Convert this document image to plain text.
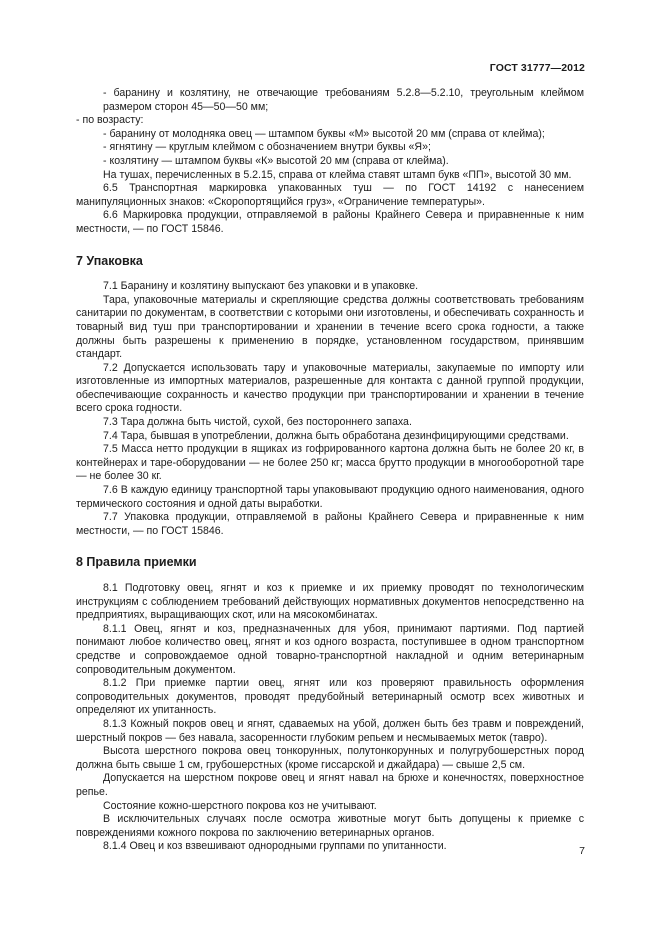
ГОСТ 31777—2012

- баранину и козлятину, не отвечающие требованиям 5.2.8—5.2.10, треугольным клеймом размером сторон 45—50—50 мм;

- по возрасту:

- баранину от молодняка овец — штампом буквы «М» высотой 20 мм (справа от клейма);

- ягнятину — круглым клеймом с обозначением внутри буквы «Я»;

- козлятину — штампом буквы «К» высотой 20 мм (справа от клейма).

На тушах, перечисленных в 5.2.15, справа от клейма ставят штамп букв «ПП», высотой 30 мм.

6.5 Транспортная маркировка упакованных туш — по ГОСТ 14192 с нанесением манипуляционных знаков: «Скоропортящийся груз», «Ограничение температуры».

6.6 Маркировка продукции, отправляемой в районы Крайнего Севера и приравненные к ним местности, — по ГОСТ 15846.

7 Упаковка

7.1 Баранину и козлятину выпускают без упаковки и в упаковке.

Тара, упаковочные материалы и скрепляющие средства должны соответствовать требованиям санитарии по документам, в соответствии с которыми они изготовлены, и обеспечивать сохранность и товарный вид туш при транспортировании и хранении в течение всего срока годности, а также должны быть разрешены к применению в порядке, установленном государством, принявшим стандарт.

7.2 Допускается использовать тару и упаковочные материалы, закупаемые по импорту или изготовленные из импортных материалов, разрешенные для контакта с данной группой продукции, обеспечивающие сохранность и качество продукции при транспортировании и хранении в течение всего срока годности.

7.3 Тара должна быть чистой, сухой, без постороннего запаха.

7.4 Тара, бывшая в употреблении, должна быть обработана дезинфицирующими средствами.

7.5 Масса нетто продукции в ящиках из гофрированного картона должна быть не более 20 кг, в контейнерах и таре-оборудовании — не более 250 кг; масса брутто продукции в многооборотной таре — не более 30 кг.

7.6 В каждую единицу транспортной тары упаковывают продукцию одного наименования, одного термического состояния и одной даты выработки.

7.7 Упаковка продукции, отправляемой в районы Крайнего Севера и приравненные к ним местности, — по ГОСТ 15846.

8 Правила приемки

8.1 Подготовку овец, ягнят и коз к приемке и их приемку проводят по технологическим инструкциям с соблюдением требований действующих нормативных документов непосредственно на предприятиях, выращивающих скот, или на мясокомбинатах.

8.1.1 Овец, ягнят и коз, предназначенных для убоя, принимают партиями. Под партией понимают любое количество овец, ягнят и коз одного возраста, поступившее в одном транспортном средстве и сопровождаемое одной товарно-транспортной накладной и одним ветеринарным сопроводительным документом.

8.1.2 При приемке партии овец, ягнят или коз проверяют правильность оформления сопроводительных документов, проводят предубойный ветеринарный осмотр всех животных и определяют их упитанность.

8.1.3 Кожный покров овец и ягнят, сдаваемых на убой, должен быть без травм и повреждений, шерстный покров — без навала, засоренности глубоким репьем и несмываемых меток (тавро).

Высота шерстного покрова овец тонкорунных, полутонкорунных и полугрубошерстных пород должна быть свыше 1 см, грубошерстных (кроме гиссарской и джайдара) — свыше 2,5 см.

Допускается на шерстном покрове овец и ягнят навал на брюхе и конечностях, поверхностное репье.

Состояние кожно-шерстного покрова коз не учитывают.

В исключительных случаях после осмотра животные могут быть допущены к приемке с повреждениями кожного покрова по заключению ветеринарных органов.

8.1.4 Овец и коз взвешивают однородными группами по упитанности.	7
